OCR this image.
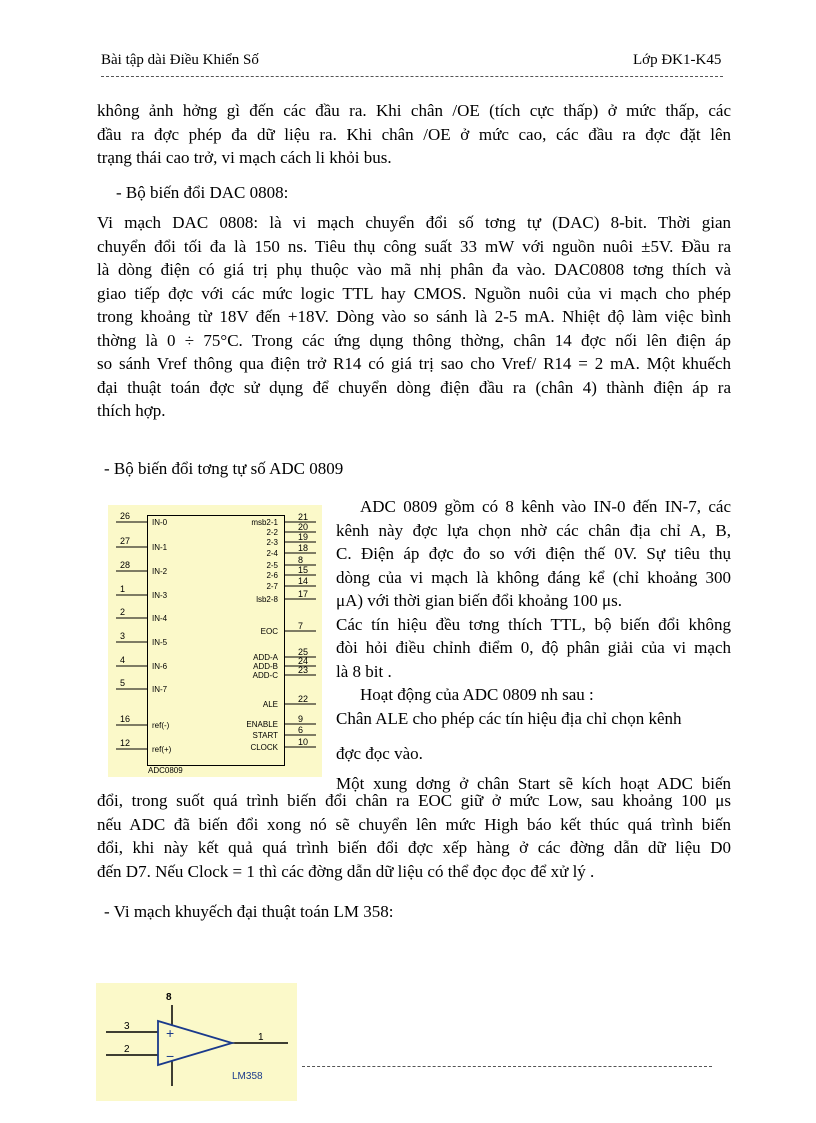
Bài tập dài Điều Khiển Số	Lớp ĐK1-K45
không ảnh hởng gì đến các đầu ra. Khi chân /OE (tích cực thấp) ở mức thấp, các
đầu ra đợc phép đa dữ liệu ra. Khi chân /OE ở mức cao, các đầu ra đợc đặt lên
trạng thái cao trở, vi mạch cách li khỏi bus.
- Bộ biến đổi DAC 0808:
Vi mạch DAC 0808: là vi mạch chuyển đổi số tơng tự (DAC) 8-bit. Thời gian
chuyển đổi tối đa là 150 ns. Tiêu thụ công suất 33 mW với nguồn nuôi ±5V. Đầu ra
là dòng điện có giá trị phụ thuộc vào mã nhị phân đa vào. DAC0808 tơng thích và
giao tiếp đợc với các mức logic TTL hay CMOS. Nguồn nuôi của vi mạch cho phép
trong khoảng từ 18V đến +18V. Dòng vào so sánh là 2-5 mA. Nhiệt độ làm việc bình
thờng là 0 ÷ 75°C. Trong các ứng dụng thông thờng, chân 14 đợc nối lên điện áp
so sánh Vref thông qua điện trở R14 có giá trị sao cho Vref/ R14 = 2 mA. Một khuếch
đại thuật toán đợc sử dụng để chuyển dòng điện đầu ra (chân 4) thành điện áp ra
thích hợp.
- Bộ biến đổi tơng tự số ADC 0809
26
IN-0
27
IN-1
28
IN-2
1
IN-3
2
IN-4
3
IN-5
4
IN-6
5
IN-7
16
ref(-)
12
ref(+)
21
msb2-1 20
2-2 19
2-3
18
2-4
8
2-5 15
2-6
14
2-7
17
lsb2-8
7
EOC
25
ADD-A 24
ADD-B 23
ADD-C
22
ALE
9
ENABLE
6
START
10
CLOCK
ADC0809
ADC 0809 gồm có 8 kênh vào IN-0 đến IN-7, các
kênh này đợc lựa chọn nhờ các chân địa chỉ A, B,
C. Điện áp đợc đo so với điện thế 0V. Sự tiêu thụ
dòng của vi mạch là không đáng kể (chỉ khoảng 300
μA) với thời gian biến đổi khoảng 100 μs.
Các tín hiệu đều tơng thích TTL, bộ biến đổi không
đòi hỏi điều chỉnh điểm 0, độ phân giải của vi mạch
là 8 bit .
Hoạt động của ADC 0809 nh sau :
Chân ALE cho phép các tín hiệu địa chỉ chọn kênh
đợc đọc vào.
Một xung dơng ở chân Start sẽ kích hoạt ADC biến
đổi, trong suốt quá trình biến đổi chân ra EOC giữ ở mức Low, sau khoảng 100 μs
nếu ADC đã biến đổi xong nó sẽ chuyển lên mức High báo kết thúc quá trình biến
đổi, khi này kết quả quá trình biến đổi đợc xếp hàng ở các đờng dẫn dữ liệu D0
đến D7. Nếu Clock = 1 thì các đờng dẫn dữ liệu có thể đọc đọc để xử lý .
- Vi mạch khuyếch đại thuật toán LM 358:
8
3
2
1
+
−
LM358
